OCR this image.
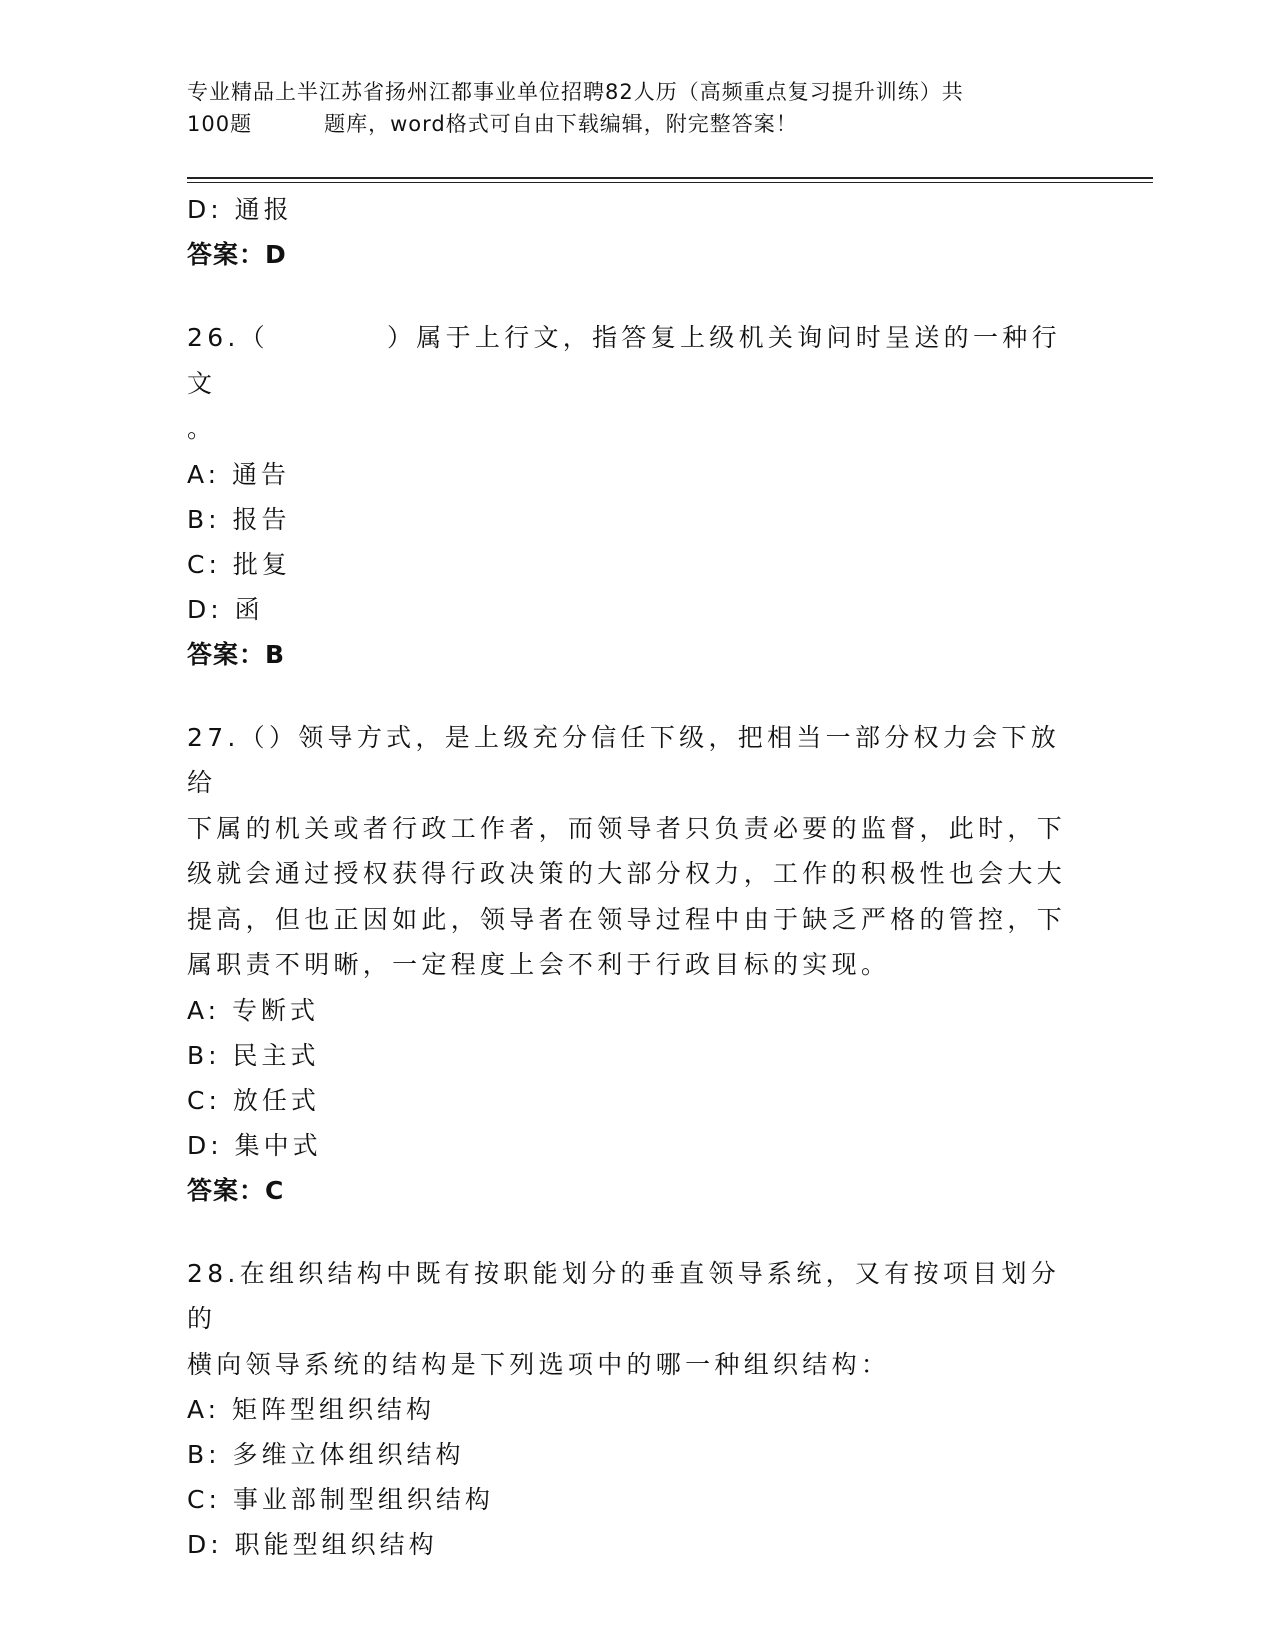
专业精品上半江苏省扬州江都事业单位招聘82人历（高频重点复习提升训练）共
100题	题库，word格式可自由下载编辑，附完整答案！
D: 通报
答案：D
26.（	）属于上行文，指答复上级机关询问时呈送的一种行文
。
A: 通告
B: 报告
C: 批复
D: 函
答案：B
27.（）领导方式，是上级充分信任下级，把相当一部分权力会下放给
下属的机关或者行政工作者，而领导者只负责必要的监督，此时，下
级就会通过授权获得行政决策的大部分权力，工作的积极性也会大大
提高，但也正因如此，领导者在领导过程中由于缺乏严格的管控，下
属职责不明晰，一定程度上会不利于行政目标的实现。
A: 专断式
B: 民主式
C: 放任式
D: 集中式
答案：C
28.在组织结构中既有按职能划分的垂直领导系统，又有按项目划分的
横向领导系统的结构是下列选项中的哪一种组织结构：
A: 矩阵型组织结构
B: 多维立体组织结构
C: 事业部制型组织结构
D: 职能型组织结构
